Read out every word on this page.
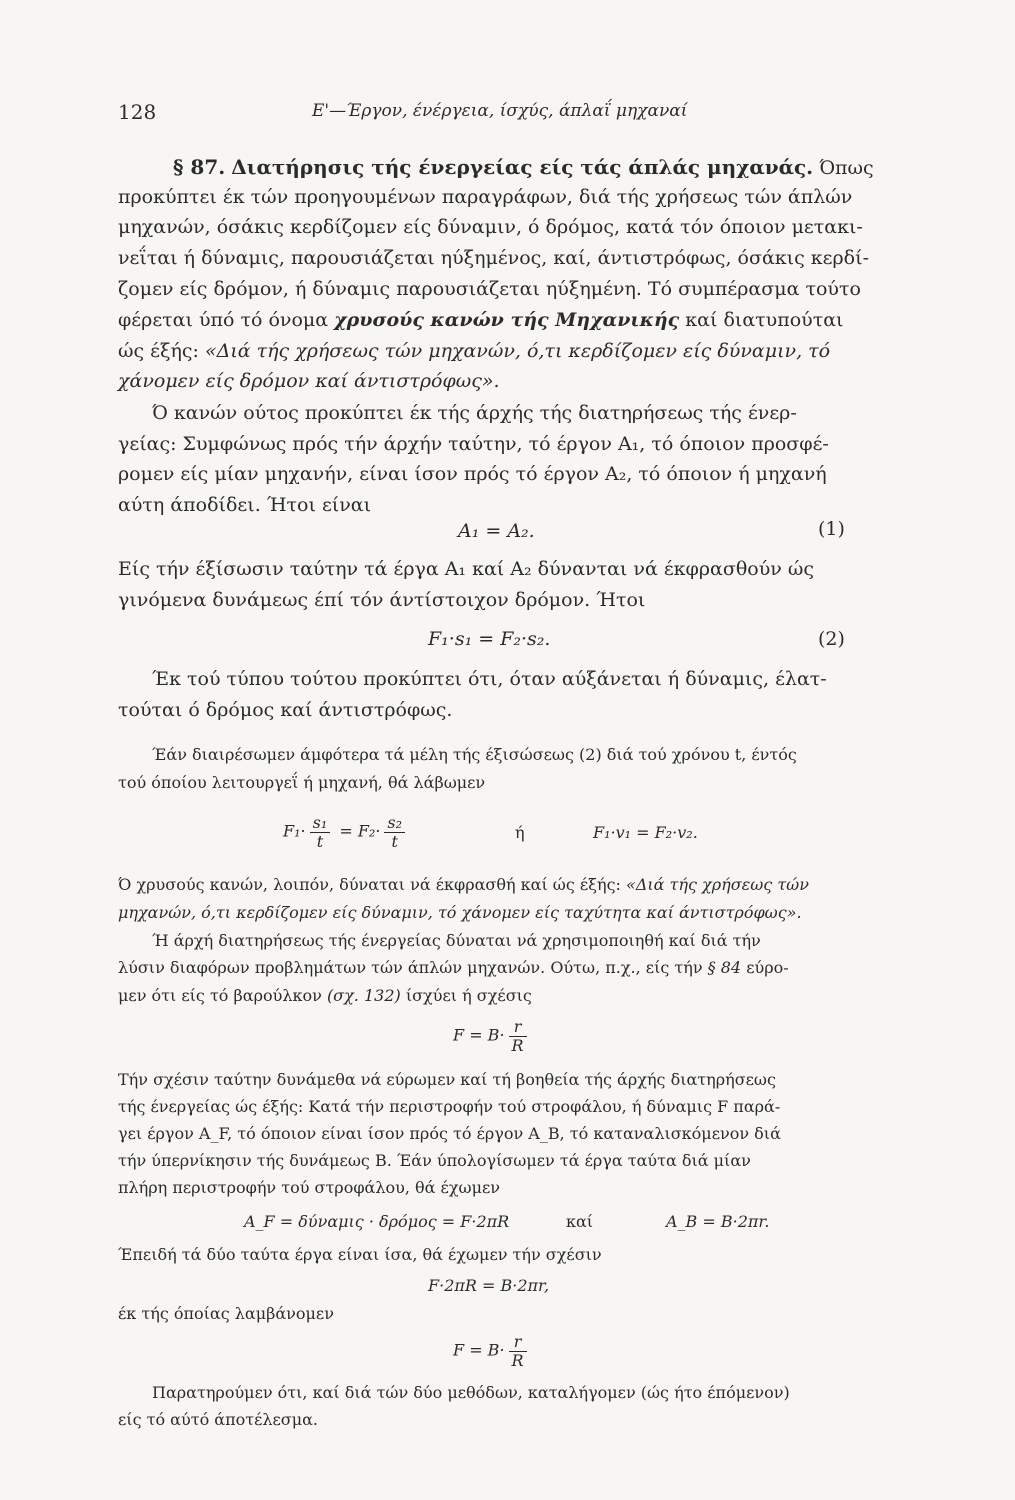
128	Ε'—Έργον, ένέργεια, ίσχύς, άπλαΐ μηχαναί
§ 87. Διατήρησις τής ένεργείας είς τάς άπλάς μηχανάς. Όπως
προκύπτει έκ τών προηγουμένων παραγράφων, διά τής χρήσεως τών άπλών
μηχανών, όσάκις κερδίζομεν είς δύναμιν, ό δρόμος, κατά τόν όποιον μετακι-
νεΐται ή δύναμις, παρουσιάζεται ηύξημένος, καί, άντιστρόφως, όσάκις κερδί-
ζομεν είς δρόμον, ή δύναμις παρουσιάζεται ηύξημένη. Τό συμπέρασμα τούτο
φέρεται ύπό τό όνομα χρυσούς κανών τής Μηχανικής καί διατυπούται
ώς έξής: «Διά τής χρήσεως τών μηχανών, ό,τι κερδίζομεν είς δύναμιν, τό
χάνομεν είς δρόμον καί άντιστρόφως».
Ό κανών ούτος προκύπτει έκ τής άρχής τής διατηρήσεως τής ένερ-
γείας: Συμφώνως πρός τήν άρχήν ταύτην, τό έργον A₁, τό όποιον προσφέ-
ρομεν είς μίαν μηχανήν, είναι ίσον πρός τό έργον A₂, τό όποιον ή μηχανή
αύτη άποδίδει. Ήτοι είναι
A₁ = A₂.	(1)
Είς τήν έξίσωσιν ταύτην τά έργα A₁ καί A₂ δύνανται νά έκφρασθούν ώς
γινόμενα δυνάμεως έπί τόν άντίστοιχον δρόμον. Ήτοι
F₁·s₁ = F₂·s₂.	(2)
Έκ τού τύπου τούτου προκύπτει ότι, όταν αύξάνεται ή δύναμις, έλατ-
τούται ό δρόμος καί άντιστρόφως.
Έάν διαιρέσωμεν άμφότερα τά μέλη τής έξισώσεως (2) διά τού χρόνου t, έντός
τού όποίου λειτουργεΐ ή μηχανή, θά λάβωμεν
$F_1\cdot \frac{\text{s₁}}{t} = F_2\cdot \frac{\text{s₂}}{t}$	ή	F₁·v₁ = F₂·v₂.
Ό χρυσούς κανών, λοιπόν, δύναται νά έκφρασθή καί ώς έξής: «Διά τής χρήσεως τών
μηχανών, ό,τι κερδίζομεν είς δύναμιν, τό χάνομεν είς ταχύτητα καί άντιστρόφως».
Ή άρχή διατηρήσεως τής ένεργείας δύναται νά χρησιμοποιηθή καί διά τήν
λύσιν διαφόρων προβλημάτων τών άπλών μηχανών. Ούτω, π.χ., είς τήν § 84 εύρο-
μεν ότι είς τό βαρούλκον (σχ. 132) ίσχύει ή σχέσις
$F = B\cdot \frac{r}{R}$
Τήν σχέσιν ταύτην δυνάμεθα νά εύρωμεν καί τή βοηθεία τής άρχής διατηρήσεως
τής ένεργείας ώς έξής: Κατά τήν περιστροφήν τού στροφάλου, ή δύναμις F παρά-
γει έργον A_F, τό όποιον είναι ίσον πρός τό έργον A_B, τό καταναλισκόμενον διά
τήν ύπερνίκησιν τής δυνάμεως B. Έάν ύπολογίσωμεν τά έργα ταύτα διά μίαν
πλήρη περιστροφήν τού στροφάλου, θά έχωμεν
A_F = δύναμις · δρόμος = F·2πR	καί	A_B = B·2πr.
Έπειδή τά δύο ταύτα έργα είναι ίσα, θά έχωμεν τήν σχέσιν
F·2πR = B·2πr,
έκ τής όποίας λαμβάνομεν
$F = B\cdot \frac{r}{R}$
Παρατηρούμεν ότι, καί διά τών δύο μεθόδων, καταλήγομεν (ώς ήτο έπόμενον)
είς τό αύτό άποτέλεσμα.
